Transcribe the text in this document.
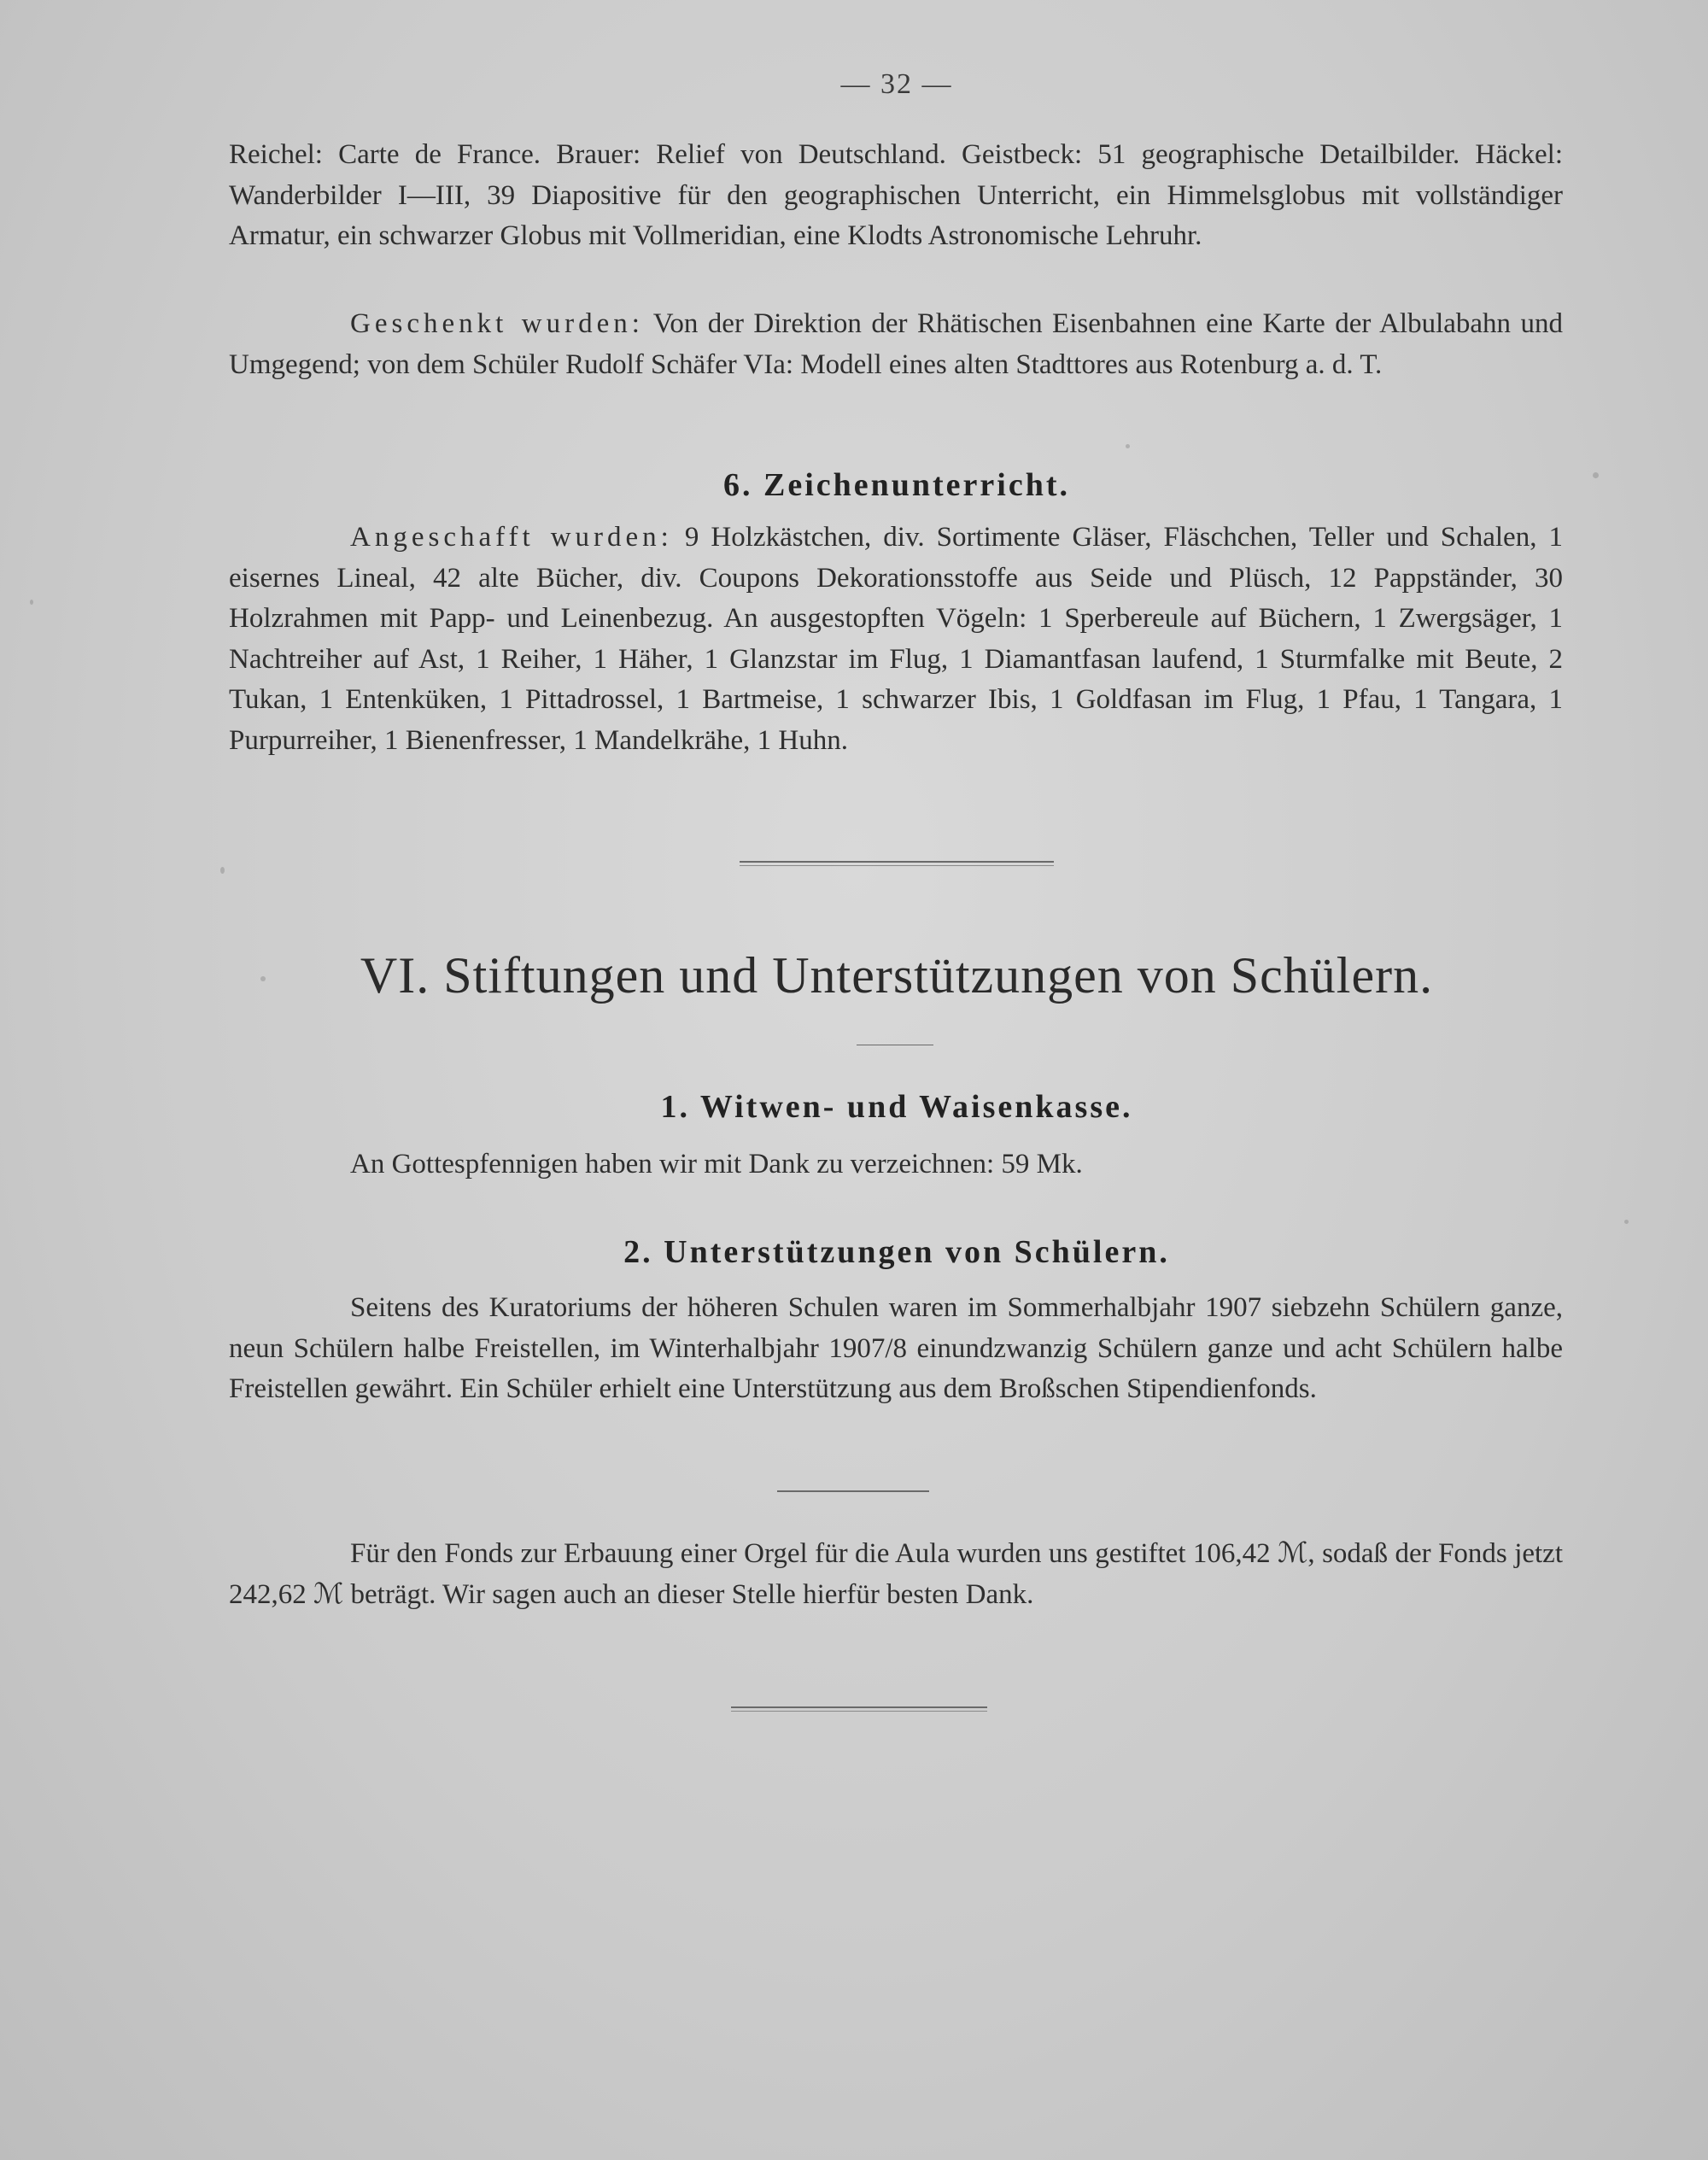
— 32 —

Reichel: Carte de France. Brauer: Relief von Deutschland. Geistbeck: 51 geographische Detailbilder. Häckel: Wanderbilder I—III, 39 Diapositive für den geographischen Unterricht, ein Himmelsglobus mit vollständiger Armatur, ein schwarzer Globus mit Vollmeridian, eine Klodts Astronomische Lehruhr.

Geschenkt wurden: Von der Direktion der Rhätischen Eisenbahnen eine Karte der Albulabahn und Umgegend; von dem Schüler Rudolf Schäfer VIa: Modell eines alten Stadttores aus Rotenburg a. d. T.

6. Zeichenunterricht.

Angeschafft wurden: 9 Holzkästchen, div. Sortimente Gläser, Fläschchen, Teller und Schalen, 1 eisernes Lineal, 42 alte Bücher, div. Coupons Dekorationsstoffe aus Seide und Plüsch, 12 Pappständer, 30 Holzrahmen mit Papp- und Leinenbezug. An ausgestopften Vögeln: 1 Sperbereule auf Büchern, 1 Zwergsäger, 1 Nachtreiher auf Ast, 1 Reiher, 1 Häher, 1 Glanzstar im Flug, 1 Diamantfasan laufend, 1 Sturmfalke mit Beute, 2 Tukan, 1 Entenküken, 1 Pittadrossel, 1 Bartmeise, 1 schwarzer Ibis, 1 Goldfasan im Flug, 1 Pfau, 1 Tangara, 1 Purpurreiher, 1 Bienenfresser, 1 Mandelkrähe, 1 Huhn.

VI. Stiftungen und Unterstützungen von Schülern.
1. Witwen- und Waisenkasse.

An Gottespfennigen haben wir mit Dank zu verzeichnen: 59 Mk.

2. Unterstützungen von Schülern.

Seitens des Kuratoriums der höheren Schulen waren im Sommerhalbjahr 1907 siebzehn Schülern ganze, neun Schülern halbe Freistellen, im Winterhalbjahr 1907/8 einundzwanzig Schülern ganze und acht Schülern halbe Freistellen gewährt. Ein Schüler erhielt eine Unterstützung aus dem Broßschen Stipendienfonds.

Für den Fonds zur Erbauung einer Orgel für die Aula wurden uns gestiftet 106,42 ℳ, sodaß der Fonds jetzt 242,62 ℳ beträgt. Wir sagen auch an dieser Stelle hierfür besten Dank.
